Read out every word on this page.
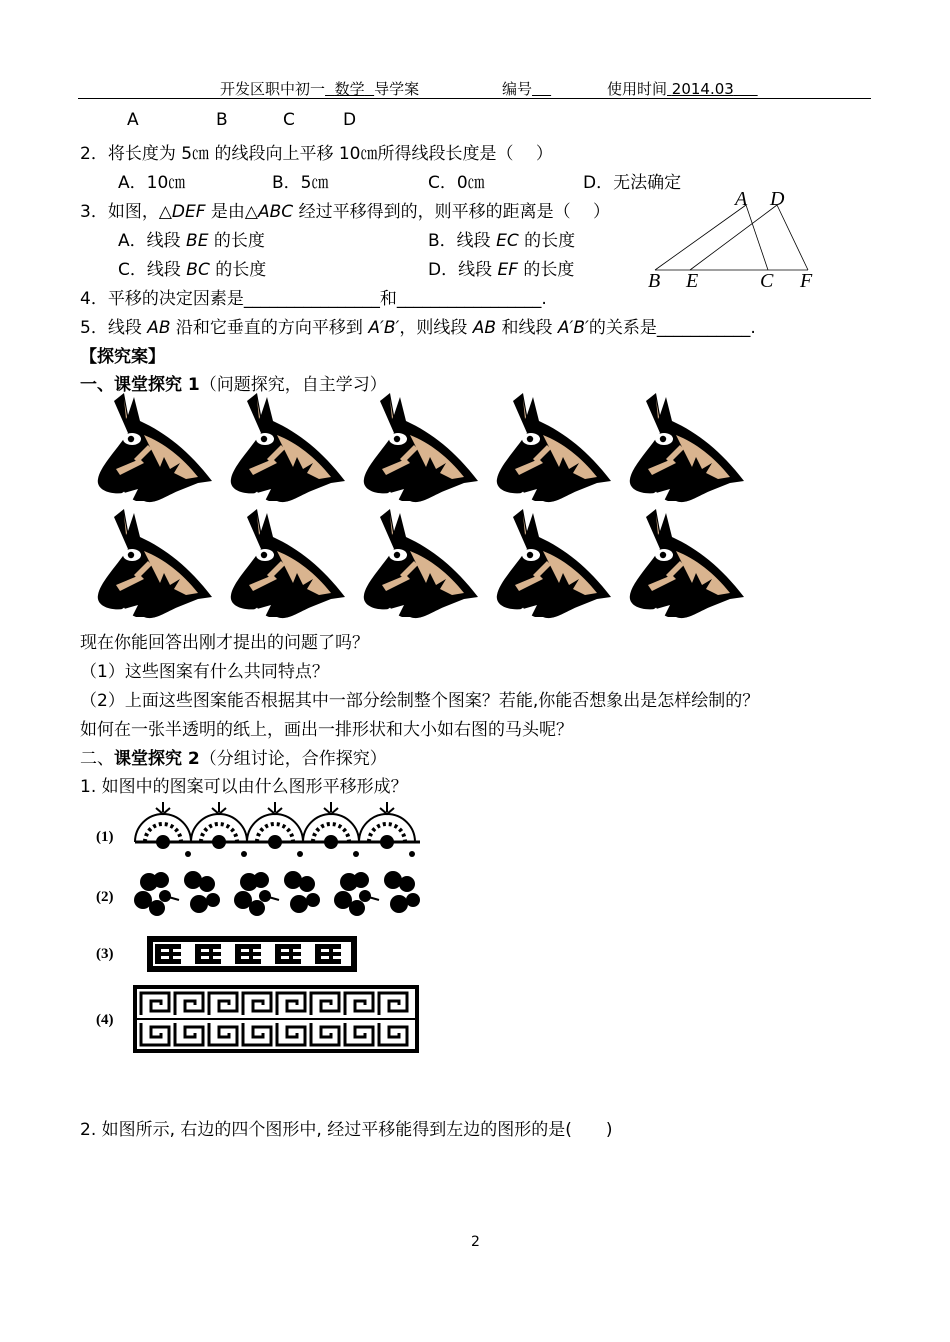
开发区职中初一 数学 导学案	编号	使用时间 2014.03
A	B	C	D
2．将长度为 5㎝ 的线段向上平移 10㎝所得线段长度是（　 ）
A．10㎝	B．5㎝	C．0㎝	D．无法确定
3．如图，△DEF 是由△ABC 经过平移得到的，则平移的距离是（　 ）
A．线段 BE 的长度	B．线段 EC 的长度
C．线段 BC 的长度	D．线段 EF 的长度
A D
B E	C F
4．平移的决定因素是________________和_________________.
5．线段 AB 沿和它垂直的方向平移到 A′B′，则线段 AB 和线段 A′B′的关系是___________.
【探究案】
一、课堂探究 1（问题探究，自主学习）
现在你能回答出刚才提出的问题了吗？
（1）这些图案有什么共同特点？
（2）上面这些图案能否根据其中一部分绘制整个图案？若能,你能否想象出是怎样绘制的？
如何在一张半透明的纸上，画出一排形状和大小如右图的马头呢？
二、课堂探究 2（分组讨论，合作探究）
1. 如图中的图案可以由什么图形平移形成？
(1)
(2)
(3)
(4)
2. 如图所示, 右边的四个图形中, 经过平移能得到左边的图形的是(　　)
2
